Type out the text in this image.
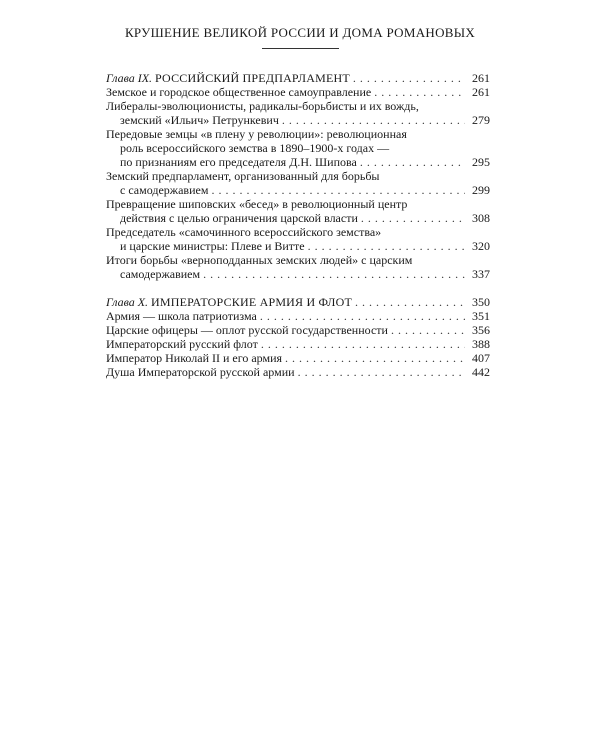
КРУШЕНИЕ ВЕЛИКОЙ РОССИИ И ДОМА РОМАНОВЫХ
Глава IX.
РОССИЙСКИЙ ПРЕДПАРЛАМЕНТ . . .	261
Земское и городское общественное самоуправление . . .	261
Либералы-эволюционисты, радикалы-борьбисты и их вождь,
земский «Ильич» Петрункевич . . .	279
Передовые земцы «в плену у революции»: революционная
роль всероссийского земства в 1890–1900-х годах —
по признаниям его председателя Д.Н. Шипова . . .	295
Земский предпарламент, организованный для борьбы
с самодержавием . . .	299
Превращение шиповских «бесед» в революционный центр
действия с целью ограничения царской власти . . .	308
Председатель «самочинного всероссийского земства»
и царские министры: Плеве и Витте . . .	320
Итоги борьбы «верноподданных земских людей» с царским
самодержавием . . .	337
Глава X.
ИМПЕРАТОРСКИЕ АРМИЯ И ФЛОТ . . .	350
Армия — школа патриотизма . . .	351
Царские офицеры — оплот русской государственности . . .	356
Императорский русский флот . . .	388
Император Николай II и его армия . . .	407
Душа Императорской русской армии . . .	442
